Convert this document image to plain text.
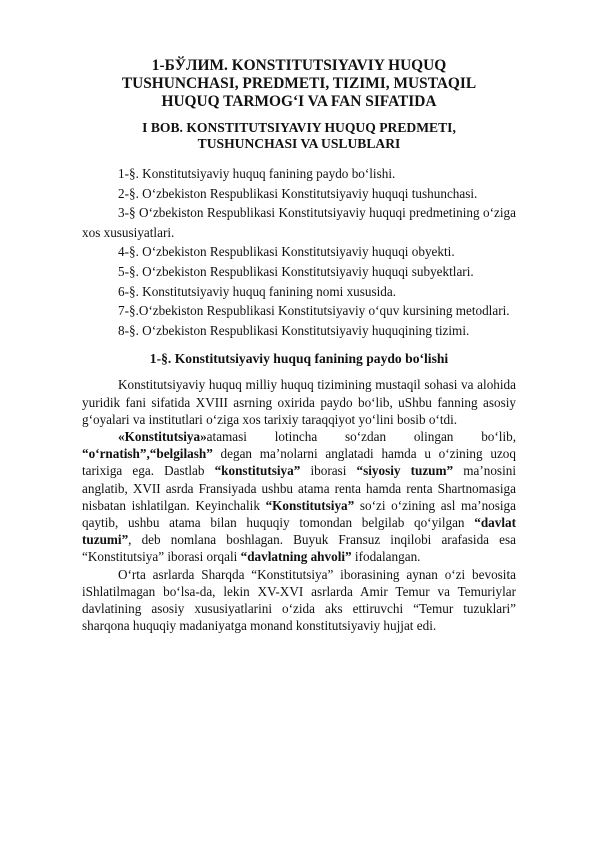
1-БЎЛИМ. KONSTITUTSIYAVIY HUQUQ
TUSHUNCHASI, PREDMETI, TIZIMI, MUSTAQIL
HUQUQ TARMOG‘I VA FAN SIFATIDA
I BOB. KONSTITUTSIYAVIY HUQUQ PREDMETI,
TUSHUNCHASI VA USLUBLARI
1-§. Konstitutsiyaviy huquq fanining paydo bo‘lishi.
2-§. O‘zbekiston Respublikasi Konstitutsiyaviy huquqi tushunchasi.
3-§ O‘zbekiston Respublikasi Konstitutsiyaviy huquqi predmetining o‘ziga xos xususiyatlari.
4-§. O‘zbekiston Respublikasi Konstitutsiyaviy huquqi obyekti.
5-§. O‘zbekiston Respublikasi Konstitutsiyaviy huquqi subyektlari.
6-§. Konstitutsiyaviy huquq fanining nomi xususida.
7-§.O‘zbekiston Respublikasi Konstitutsiyaviy o‘quv kursining metodlari.
8-§. O‘zbekiston Respublikasi Konstitutsiyaviy huquqining tizimi.
1-§. Konstitutsiyaviy huquq fanining paydo bo‘lishi

Konstitutsiyaviy huquq milliy huquq tizimining mustaqil sohasi va alohida yuridik fani sifatida XVIII asrning oxirida paydo bo‘lib, uShbu fanning asosiy g‘oyalari va institutlari o‘ziga xos tarixiy taraqqiyot yo‘lini bosib o‘tdi.

«Konstitutsiya»atamasi lotincha so‘zdan olingan bo‘lib, “o‘rnatish”,“belgilash” degan ma’nolarni anglatadi hamda u o‘zining uzoq tarixiga ega. Dastlab “konstitutsiya” iborasi “siyosiy tuzum” ma’nosini anglatib, XVII asrda Fransiyada ushbu atama renta hamda renta Shartnomasiga nisbatan ishlatilgan. Keyinchalik “Konstitutsiya” so‘zi o‘zining asl ma’nosiga qaytib, ushbu atama bilan huquqiy tomondan belgilab qo‘yilgan “davlat tuzumi”, deb nomlana boshlagan. Buyuk Fransuz inqilobi arafasida esa “Konstitutsiya” iborasi orqali “davlatning ahvoli” ifodalangan.

O‘rta asrlarda Sharqda “Konstitutsiya” iborasining aynan o‘zi bevosita iShlatilmagan bo‘lsa-da, lekin XV-XVI asrlarda Amir Temur va Temuriylar davlatining asosiy xususiyatlarini o‘zida aks ettiruvchi “Temur tuzuklari” sharqona huquqiy madaniyatga monand konstitutsiyaviy hujjat edi.
